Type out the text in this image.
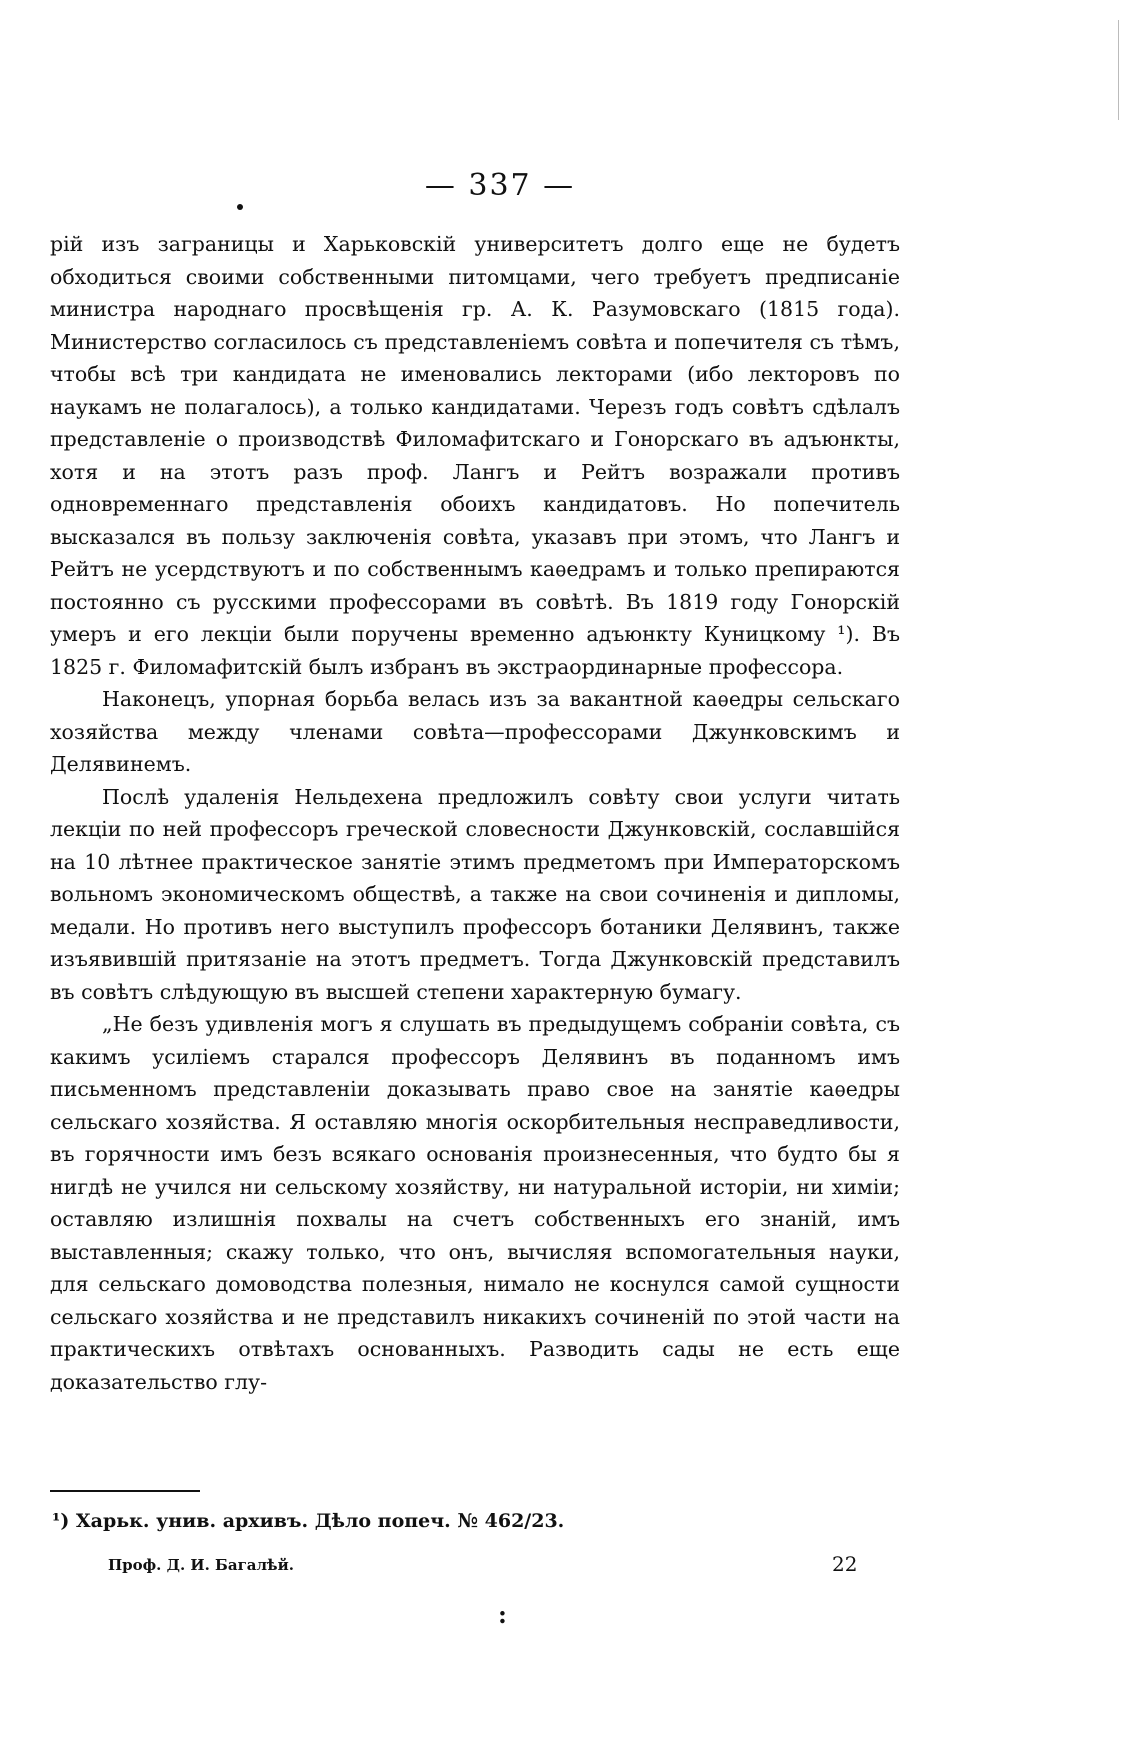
— 337 —

рій изъ заграницы и Харьковскій университетъ долго еще не будетъ обходиться своими собственными питомцами, чего требуетъ предписаніе министра народнаго просвѣщенія гр. А. К. Разумовскаго (1815 года). Министерство согласилось съ представленіемъ совѣта и попечителя съ тѣмъ, чтобы всѣ три кандидата не именовались лекторами (ибо лекторовъ по наукамъ не полагалось), а только кандидатами. Черезъ годъ совѣтъ сдѣлалъ представленіе о производствѣ Филомафитскаго и Гонорскаго въ адъюнкты, хотя и на этотъ разъ проф. Лангъ и Рейтъ возражали противъ одновременнаго представленія обоихъ кандидатовъ. Но попечитель высказался въ пользу заключенія совѣта, указавъ при этомъ, что Лангъ и Рейтъ не усердствуютъ и по собственнымъ каѳедрамъ и только препираются постоянно съ русскими профессорами въ совѣтѣ. Въ 1819 году Гонорскій умеръ и его лекціи были поручены временно адъюнкту Куницкому ¹). Въ 1825 г. Филомафитскій былъ избранъ въ экстраординарные профессора.

Наконецъ, упорная борьба велась изъ за вакантной каѳедры сельскаго хозяйства между членами совѣта—профессорами Джунковскимъ и Делявинемъ.

Послѣ удаленія Нельдехена предложилъ совѣту свои услуги читать лекціи по ней профессоръ греческой словесности Джунковскій, сославшійся на 10 лѣтнее практическое занятіе этимъ предметомъ при Императорскомъ вольномъ экономическомъ обществѣ, а также на свои сочиненія и дипломы, медали. Но противъ него выступилъ профессоръ ботаники Делявинъ, также изъявившій притязаніе на этотъ предметъ. Тогда Джунковскій представилъ въ совѣтъ слѣдующую въ высшей степени характерную бумагу.

„Не безъ удивленія могъ я слушать въ предыдущемъ собраніи совѣта, съ какимъ усиліемъ старался профессоръ Делявинъ въ поданномъ имъ письменномъ представленіи доказывать право свое на занятіе каѳедры сельскаго хозяйства. Я оставляю многія оскорбительныя несправедливости, въ горячности имъ безъ всякаго основанія произнесенныя, что будто бы я нигдѣ не учился ни сельскому хозяйству, ни натуральной исторіи, ни химіи; оставляю излишнія похвалы на счетъ собственныхъ его знаній, имъ выставленныя; скажу только, что онъ, вычисляя вспомогательныя науки, для сельскаго домоводства полезныя, нимало не коснулся самой сущности сельскаго хозяйства и не представилъ никакихъ сочиненій по этой части на практическихъ отвѣтахъ основанныхъ. Разводить сады не есть еще доказательство глу-

¹) Харьк. унив. архивъ. Дѣло попеч. № 462/23.
Проф. Д. И. Багалѣй.	22
:
